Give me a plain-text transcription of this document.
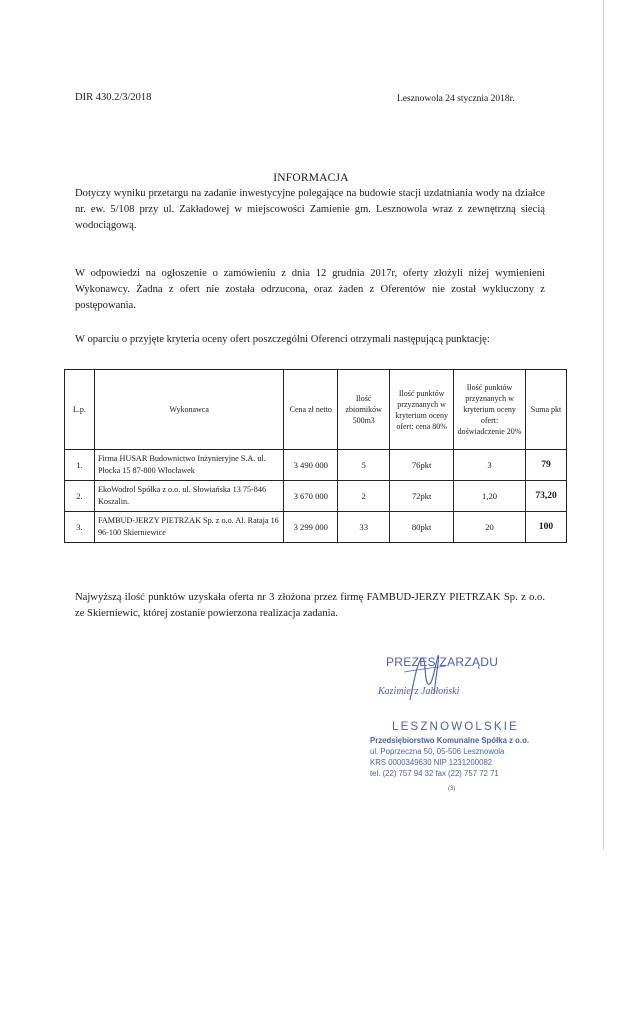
DIR 430.2/3/2018	Lesznowola 24 stycznia 2018r.
INFORMACJA
Dotyczy wyniku przetargu na zadanie inwestycyjne polegające na budowie stacji uzdatniania wody na działce nr. ew. 5/108 przy ul. Zakładowej w miejscowości Zamienie gm. Lesznowola wraz z zewnętrzną siecią wodociągową.
W odpowiedzi na ogłoszenie o zamówieniu z dnia 12 grudnia 2017r, oferty złożyli niżej wymienieni Wykonawcy. Żadna z ofert nie została odrzucona, oraz żaden z Oferentów nie został wykluczony z postępowania.
W oparciu o przyjęte kryteria oceny ofert poszczególni Oferenci otrzymali następującą punktację:
L.p.	Wykonawca	Cena zł netto	Ilość zbiorników 500m3	Ilość punktów przyznanych w kryterium oceny ofert: cena 80%	Ilość punktów przyznanych w kryterium oceny ofert: doświadczenie 20%	Suma pkt
1.	Firma HUSAR Budownictwo Inżynieryjne S.A. ul. Płocka 15 87-800 Włocławek	3 490 000	5	76pkt	3	79
2.	EkoWodrol Spółka z o.o. ul. Słowiańska 13 75-846 Koszalin.	3 670 000	2	72pkt	1,20	73,20
3.	FAMBUD-JERZY PIETRZAK Sp. z o.o. Al. Rataja 16 96-100 Skierniewice	3 299 000	33	80pkt	20	100
Najwyższą ilość punktów uzyskała oferta nr 3 złożona przez firmę FAMBUD-JERZY PIETRZAK Sp. z o.o. ze Skierniewic, której zostanie powierzona realizacja zadania.
PREZES ZARZĄDU
Kazimierz Jabłoński
LESZNOWOLSKIE
Przedsiębiorstwo Komunalne Spółka z o.o.
ul. Poprzeczna 50, 05-506 Lesznowola
KRS 0000349630 NIP 1231200082
tel. (22) 757 94 32 fax (22) 757 72 71
(3)
